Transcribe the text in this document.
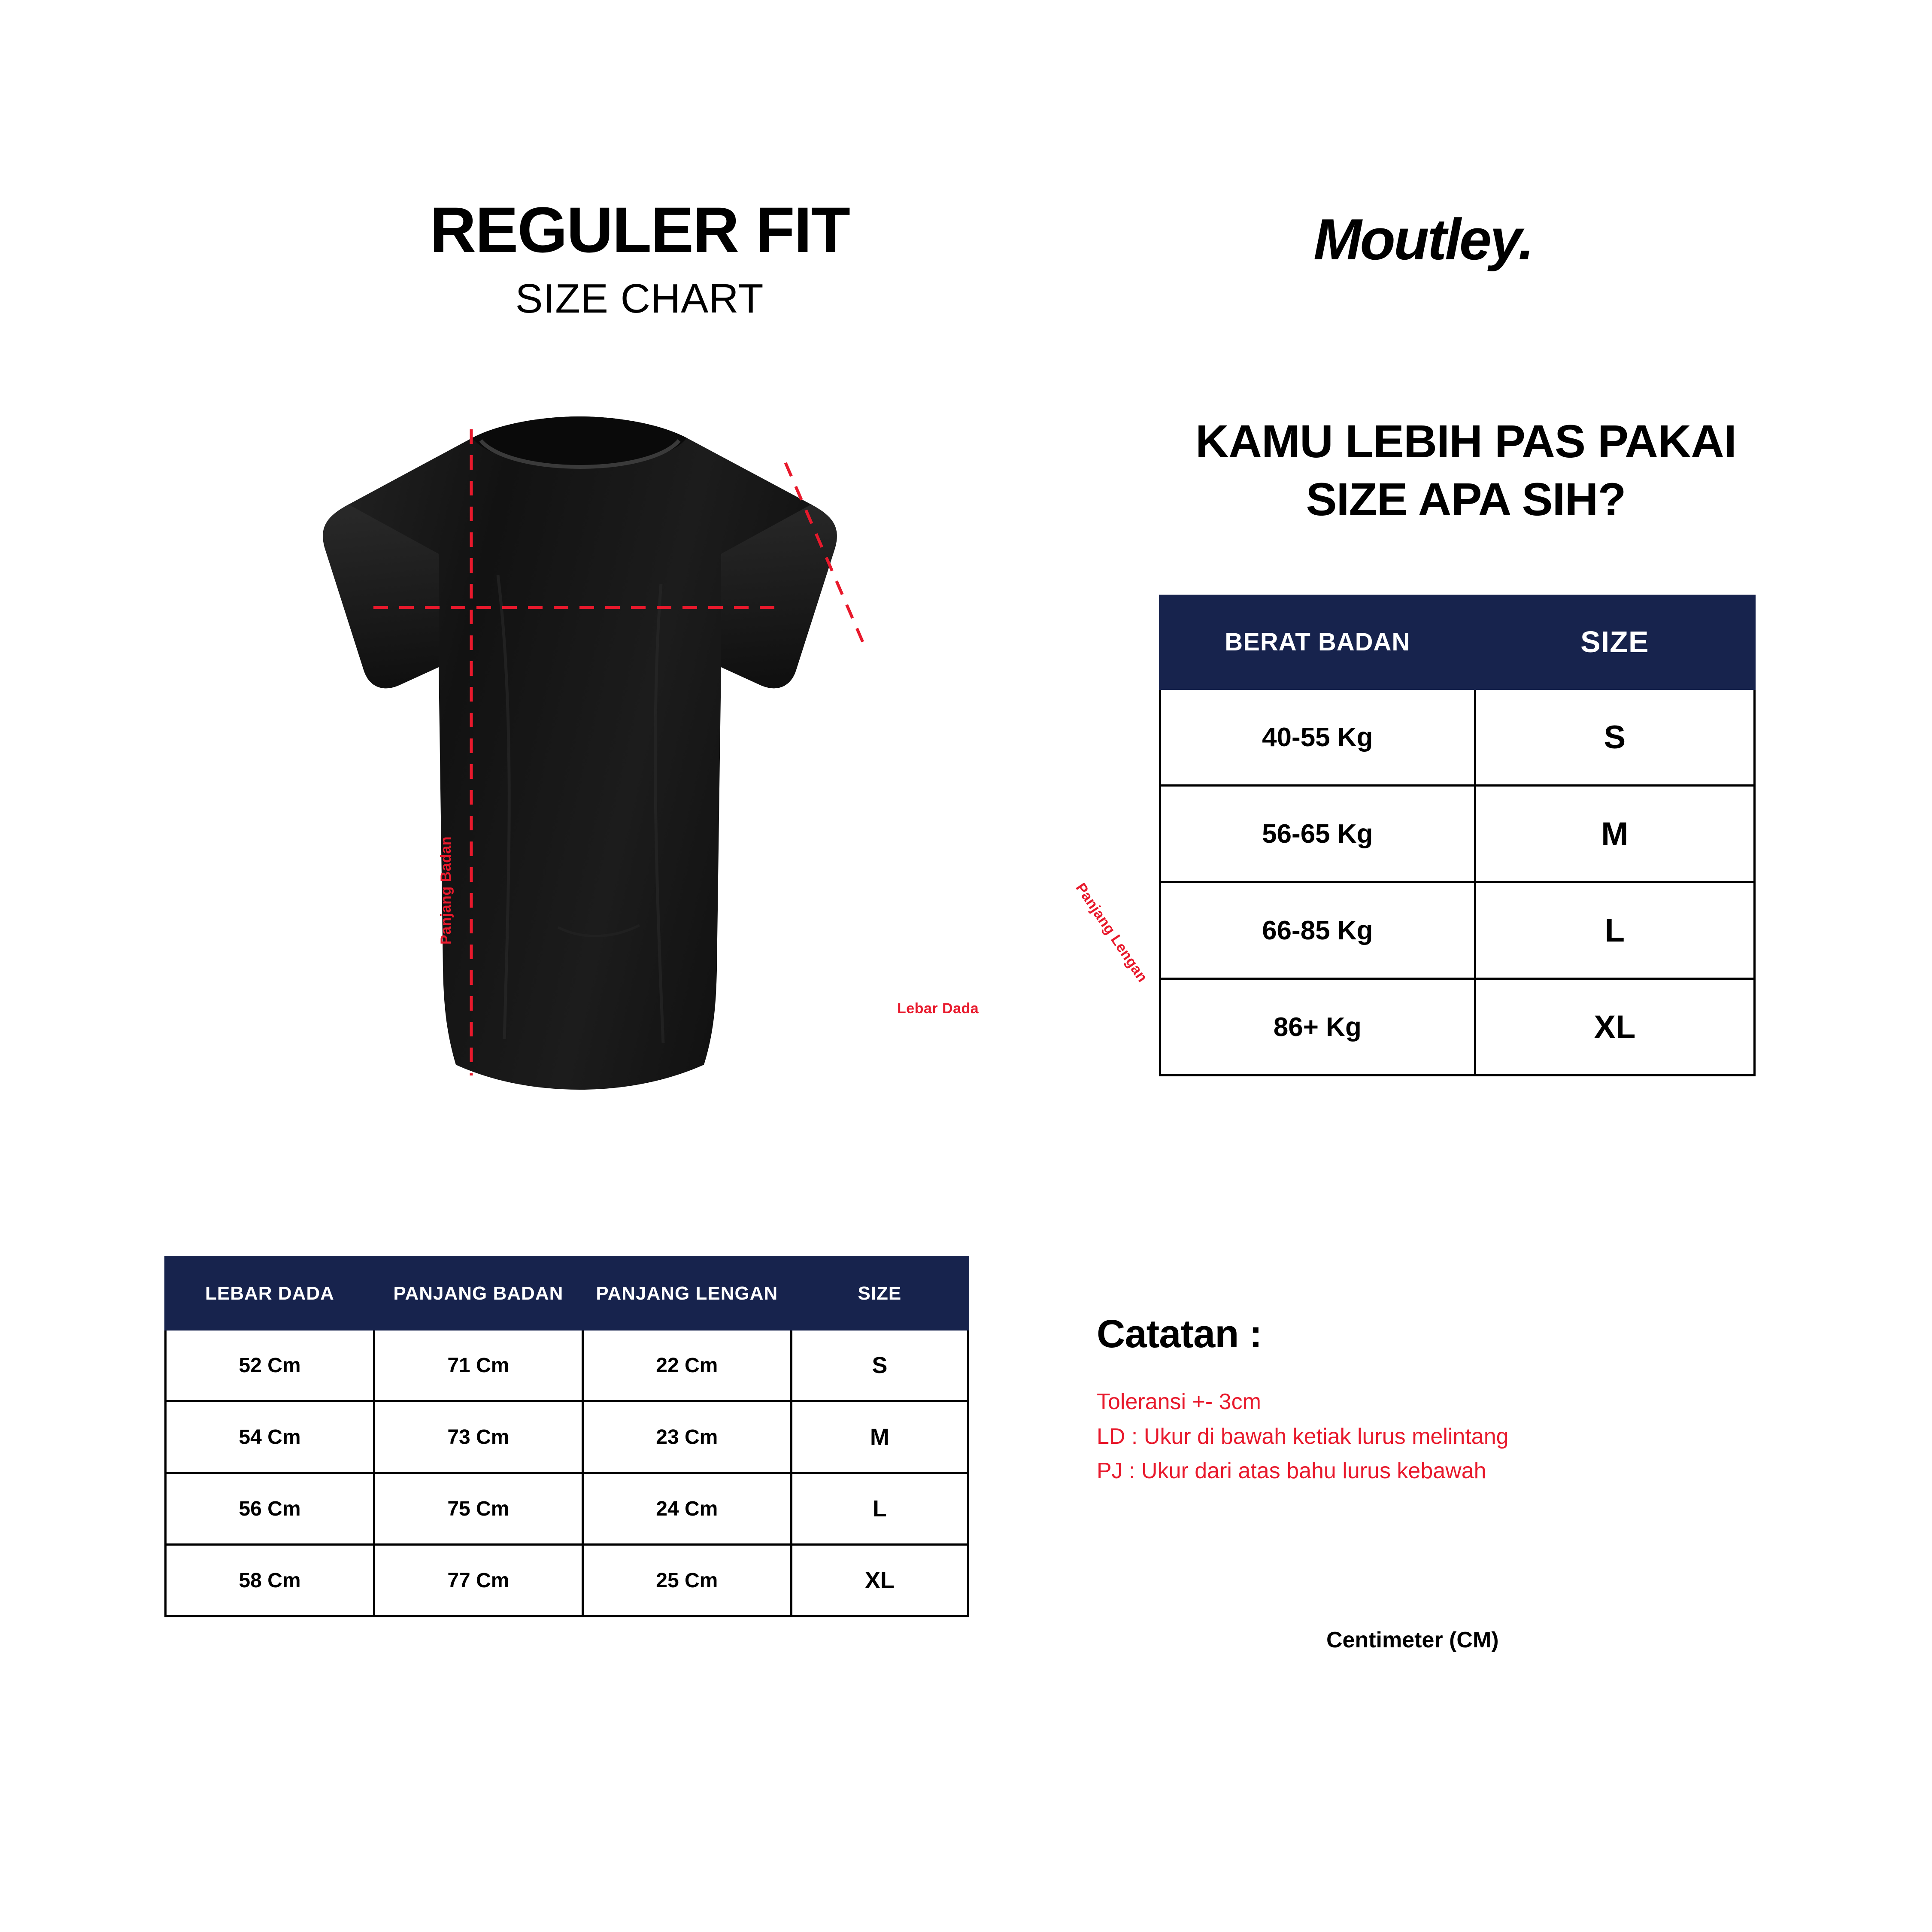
REGULER FIT
SIZE CHART
Panjang Badan
Lebar Dada
Panjang Lengan
LEBAR DADA	PANJANG BADAN	PANJANG LENGAN	SIZE
52 Cm	71 Cm	22 Cm	S
54 Cm	73 Cm	23 Cm	M
56 Cm	75 Cm	24 Cm	L
58 Cm	77 Cm	25 Cm	XL
Moutley.
KAMU LEBIH PAS PAKAI SIZE APA SIH?
BERAT BADAN	SIZE
40-55 Kg	S
56-65 Kg	M
66-85 Kg	L
86+ Kg	XL
Catatan :
Toleransi +- 3cm
LD : Ukur di bawah ketiak lurus melintang
PJ : Ukur dari atas bahu lurus kebawah
Centimeter (CM)
